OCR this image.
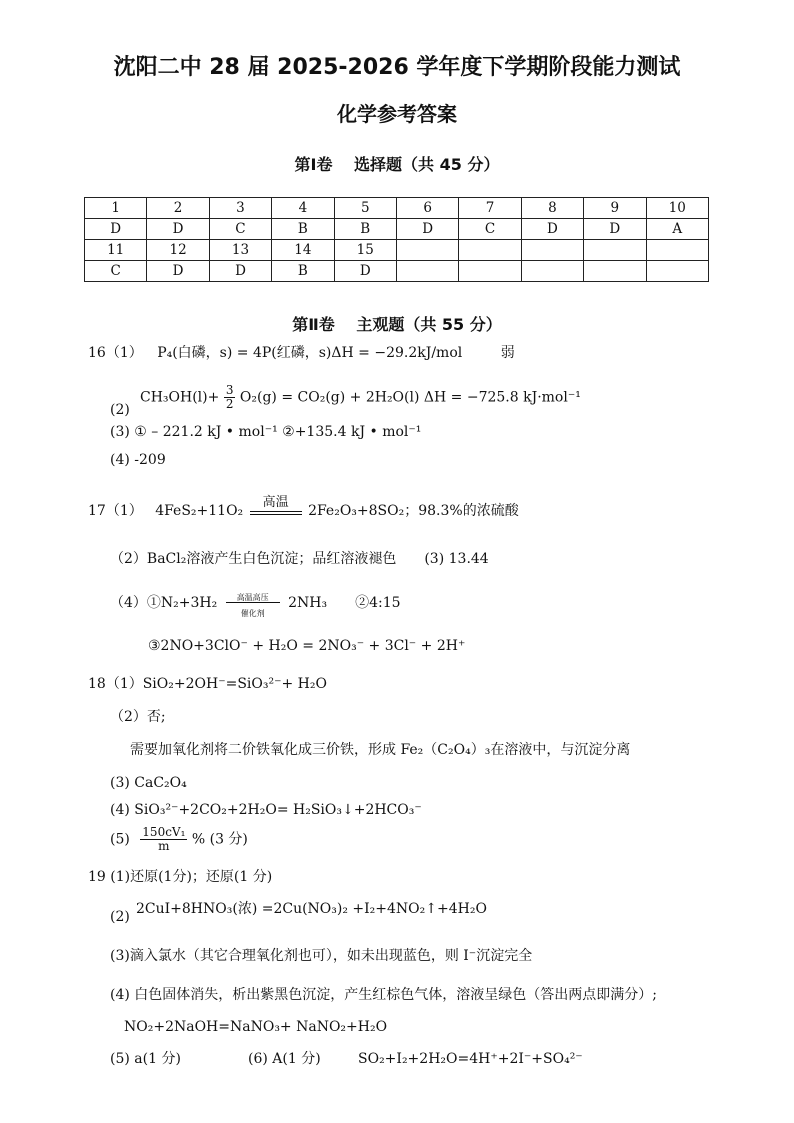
沈阳二中 28 届 2025-2026 学年度下学期阶段能力测试
化学参考答案
第Ⅰ卷　 选择题（共 45 分）
1	2	3	4	5	6	7	8	9	10
D	D	C	B	B	D	C	D	D	A
11	12	13	14	15					
C	D	D	B	D					
第Ⅱ卷　 主观题（共 55 分）
16（1） P₄(白磷，s) = 4P(红磷，s)ΔH = −29.2kJ/mol	弱
$CH_3OH(l)+ \frac{3}{2} O_2(g) = CO_2(g) + 2H_2O(l) \Delta H = -725.8$ kJ·mol⁻¹
(2)
(3) ① – 221.2 kJ • mol⁻¹ ②+135.4 kJ • mol⁻¹
(4) -209
17（1） 4FeS₂+11O₂
高温
2Fe₂O₃+8SO₂；98.3%的浓硫酸
（2）BaCl₂溶液产生白色沉淀；品红溶液褪色　　(3) 13.44
（4）①N₂+3H₂	高温高压
催化剂
2NH₃　　②4:15
③2NO+3ClO⁻ + H₂O = 2NO₃⁻ + 3Cl⁻ + 2H⁺
18（1）SiO₂+2OH⁻=SiO₃²⁻+ H₂O
（2）否;
需要加氧化剂将二价铁氧化成三价铁，形成 Fe₂（C₂O₄）₃在溶液中，与沉淀分离
(3) CaC₂O₄
(4) SiO₃²⁻+2CO₂+2H₂O= H₂SiO₃↓+2HCO₃⁻
$(5) \frac{\text{150cV₁}}{m}$ % (3 分)
19 (1)还原(1分)；还原(1 分)
2CuI+8HNO₃(浓) =2Cu(NO₃)₂ +I₂+4NO₂↑+4H₂O
(2)
(3)滴入氯水（其它合理氧化剂也可），如未出现蓝色，则 I⁻沉淀完全
(4) 白色固体消失，析出紫黑色沉淀，产生红棕色气体，溶液呈绿色（答出两点即满分）;
NO₂+2NaOH=NaNO₃+ NaNO₂+H₂O
(5) a(1 分)	(6) A(1 分)	SO₂+I₂+2H₂O=4H⁺+2I⁻+SO₄²⁻
